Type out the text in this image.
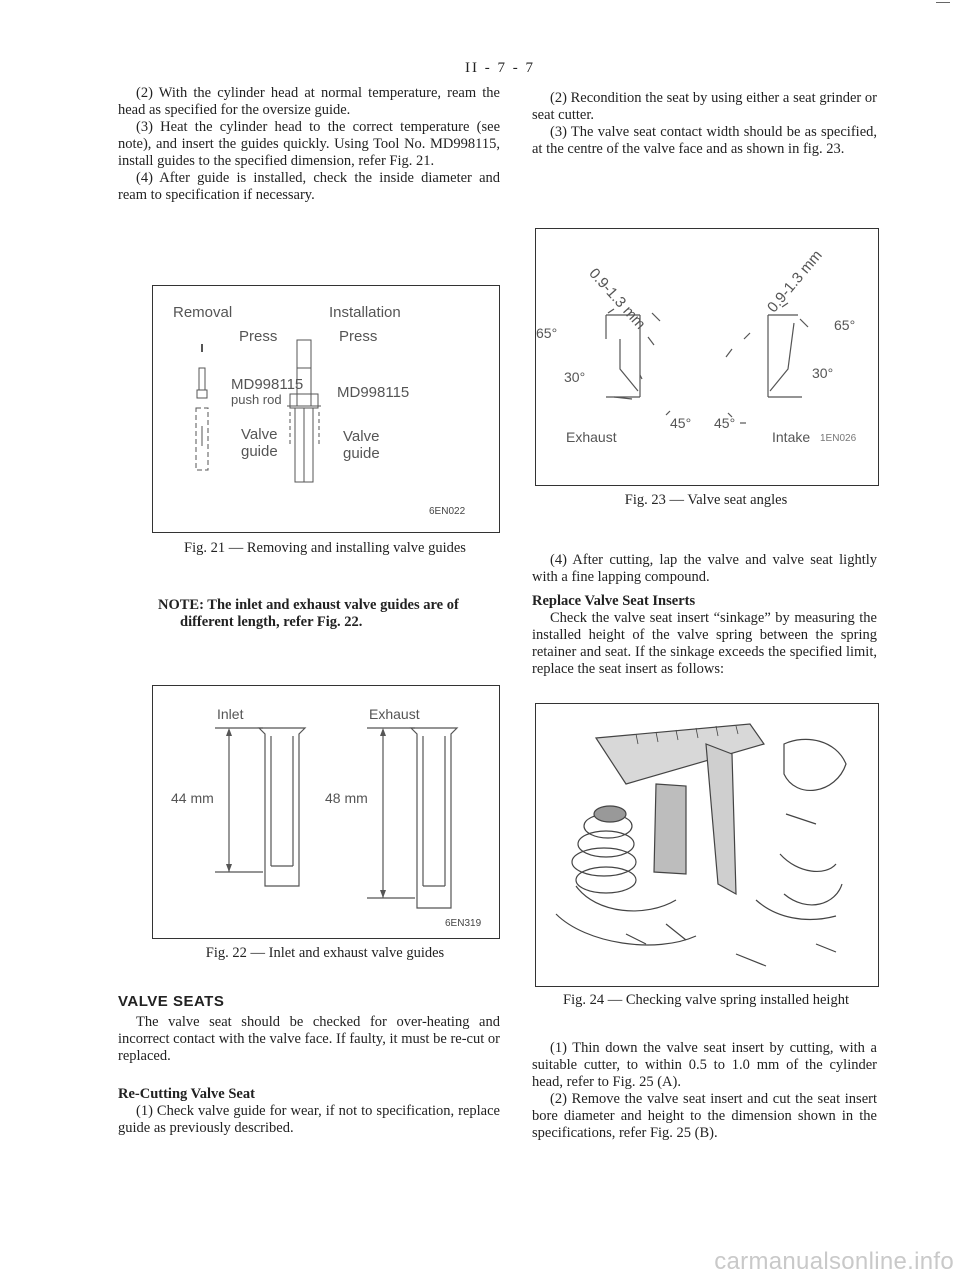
II - 7 - 7

(2) With the cylinder head at normal temperature, ream the head as specified for the oversize guide.

(3) Heat the cylinder head to the correct temperature (see note), and insert the guides quickly. Using Tool No. MD998115, install guides to the specified dimension, refer Fig. 21.

(4) After guide is installed, check the inside diameter and ream to specification if necessary.

Removal	Installation
Press	Press
MD998115
push rod	MD998115
Valve
guide
Valve
guide
6EN022
Fig. 21 — Removing and installing valve guides
NOTE: The inlet and exhaust valve guides are of
different length, refer Fig. 22.
Inlet	Exhaust
44 mm	48 mm
6EN319
Fig. 22 — Inlet and exhaust valve guides
VALVE SEATS

The valve seat should be checked for over-heating and incorrect contact with the valve face. If faulty, it must be re-cut or replaced.

Re-Cutting Valve Seat

(1) Check valve guide for wear, if not to specification, replace guide as previously described.

(2) Recondition the seat by using either a seat grinder or seat cutter.

(3) The valve seat contact width should be as specified, at the centre of the valve face and as shown in fig. 23.

0.9-1.3 mm	0.9-1.3 mm
65°	65°
30°	30°
45° 45°
Exhaust	Intake 1EN026
Fig. 23 — Valve seat angles

(4) After cutting, lap the valve and valve seat lightly with a fine lapping compound.

Replace Valve Seat Inserts

Check the valve seat insert “sinkage” by measuring the installed height of the valve spring between the spring retainer and seat. If the sinkage exceeds the specified limit, replace the seat insert as follows:

Fig. 24 — Checking valve spring installed height

(1) Thin down the valve seat insert by cutting, with a suitable cutter, to within 0.5 to 1.0 mm of the cylinder head, refer to Fig. 25 (A).

(2) Remove the valve seat insert and cut the seat insert bore diameter and height to the dimension shown in the specifications, refer Fig. 25 (B).

carmanualsonline.info
